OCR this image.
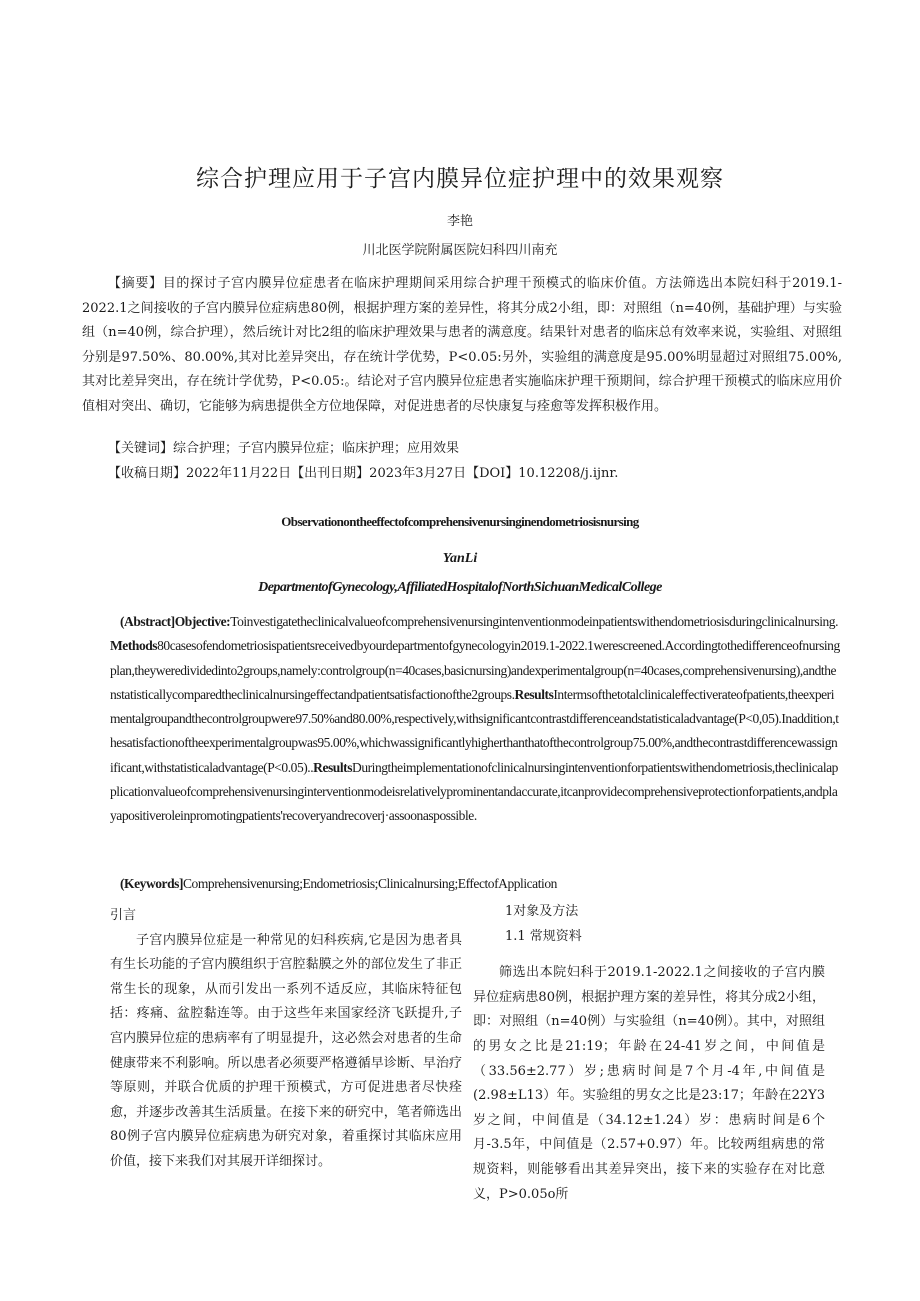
综合护理应用于子宫内膜异位症护理中的效果观察
李艳
川北医学院附属医院妇科四川南充
【摘要】目的探讨子宫内膜异位症患者在临床护理期间采用综合护理干预模式的临床价值。方法筛选出本院妇科于2019.1-2022.1之间接收的子宫内膜异位症病患80例，根据护理方案的差异性，将其分成2小组，即：对照组（n=40例，基础护理）与实验组（n=40例，综合护理），然后统计对比2组的临床护理效果与患者的满意度。结果针对患者的临床总有效率来说，实验组、对照组分别是97.50%、80.00%,其对比差异突出，存在统计学优势，P<0.05:另外，实验组的满意度是95.00%明显超过对照组75.00%,其对比差异突出，存在统计学优势，P<0.05:。结论对子宫内膜异位症患者实施临床护理干预期间，综合护理干预模式的临床应用价值相对突出、确切，它能够为病患提供全方位地保障，对促进患者的尽快康复与痊愈等发挥积极作用。
【关键词】综合护理；子宫内膜异位症；临床护理；应用效果
【收稿日期】2022年11月22日【出刊日期】2023年3月27日【DOI】10.12208/j.ijnr.
Observationontheeffectofcomprehensivenursinginendometriosisnursing
YanLi
DepartmentofGynecology,AffiliatedHospitalofNorthSichuanMedicalCollege
(Abstract]Objective:Toinvestigatetheclinicalvalueofcomprehensivenursingintenventionmodeinpatientswithendometriosisduringclinicalnursing.Methods80casesofendometriosispatientsreceivedbyourdepartmentofgynecologyin2019.1-2022.1werescreened.Accordingtothedifferenceofnursingplan,theyweredividedinto2groups,namely:controlgroup(n=40cases,basicnursing)andexperimentalgroup(n=40cases,comprehensivenursing),andthenstatisticallycomparedtheclinicalnursingeffectandpatientsatisfactionofthe2groups.ResultsIntermsofthetotalclinicaleffectiverateofpatients,theexperimentalgroupandthecontrolgroupwere97.50%and80.00%,respectively,withsignificantcontrastdifferenceandstatisticaladvantage(P<0,05).Inaddition,thesatisfactionoftheexperimentalgroupwas95.00%,whichwassignificantlyhigherthanthatofthecontrolgroup75.00%,andthecontrastdifferencewassignificant,withstatisticaladvantage(P<0.05)..ResultsDuringtheimplementationofclinicalnursingintenventionforpatientswithendometriosis,theclinicalapplicationvalueofcomprehensivenursinginterventionmodeisrelativelyprominentandaccurate,itcanprovidecomprehensiveprotectionforpatients,andplayapositiveroleinpromotingpatients'recoveryandrecoverj·assoonaspossible.
(Keywords]Comprehensivenursing;Endometriosis;Clinicalnursing;EffectofApplication

引言

子宫内膜异位症是一种常见的妇科疾病,它是因为患者具有生长功能的子宫内膜组织于宫腔黏膜之外的部位发生了非正常生长的现象，从而引发出一系列不适反应，其临床特征包括：疼痛、盆腔黏连等。由于这些年来国家经济飞跃提升,子宫内膜异位症的患病率有了明显提升，这必然会对患者的生命健康带来不利影响。所以患者必须要严格遵循早诊断、早治疗等原则，并联合优质的护理干预模式，方可促进患者尽快痊愈，并逐步改善其生活质量。在接下来的研究中，笔者筛选出80例子宫内膜异位症病患为研究对象，着重探讨其临床应用价值，接下来我们对其展开详细探讨。

1对象及方法

1.1 常规资料

筛选出本院妇科于2019.1-2022.1之间接收的子宫内膜异位症病患80例，根据护理方案的差异性，将其分成2小组，即：对照组（n=40例）与实验组（n=40例）。其中，对照组的男女之比是21:19；年龄在24-41岁之间，中间值是（33.56±2.77）岁;患病时间是7个月-4年,中间值是(2.98±L13）年。实验组的男女之比是23:17；年龄在22Y3岁之间，中间值是（34.12±1.24）岁：患病时间是6个月-3.5年，中间值是（2.57+0.97）年。比较两组病患的常规资料，则能够看出其差异突出，接下来的实验存在对比意义，P>0.05o所
